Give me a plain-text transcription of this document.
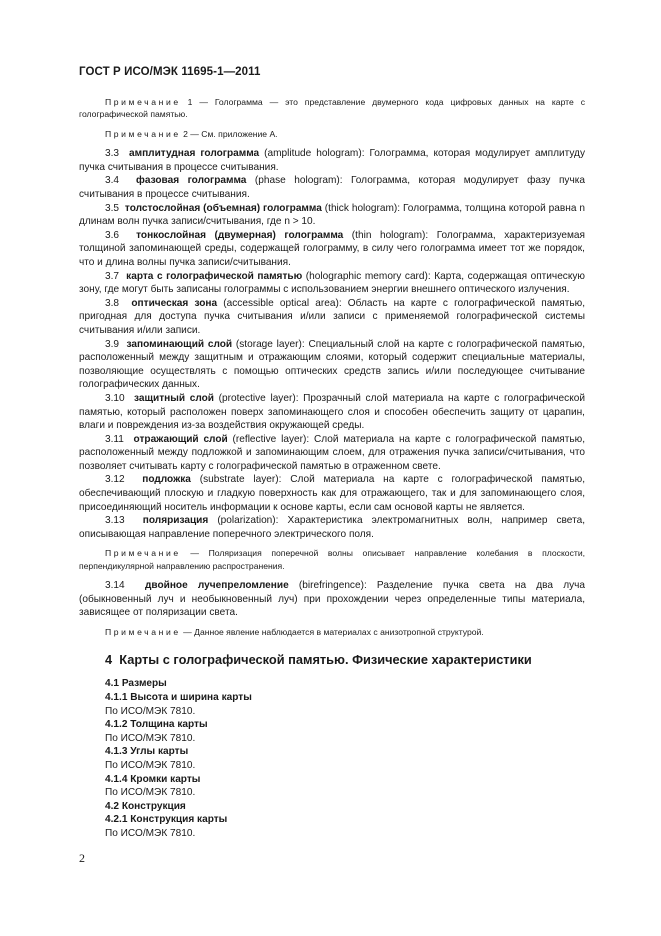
ГОСТ Р ИСО/МЭК 11695-1—2011

Примечание 1 — Голограмма — это представление двумерного кода цифровых данных на карте с голографической памятью.

Примечание 2 — См. приложение А.

3.3 амплитудная голограмма (amplitude hologram): Голограмма, которая модулирует амплитуду пучка считывания в процессе считывания.

3.4 фазовая голограмма (phase hologram): Голограмма, которая модулирует фазу пучка считывания в процессе считывания.

3.5 толстослойная (объемная) голограмма (thick hologram): Голограмма, толщина которой равна n длинам волн пучка записи/считывания, где n > 10.

3.6 тонкослойная (двумерная) голограмма (thin hologram): Голограмма, характеризуемая толщиной запоминающей среды, содержащей голограмму, в силу чего голограмма имеет тот же порядок, что и длина волны пучка записи/считывания.

3.7 карта с голографической памятью (holographic memory card): Карта, содержащая оптическую зону, где могут быть записаны голограммы с использованием энергии внешнего оптического излучения.

3.8 оптическая зона (accessible optical area): Область на карте с голографической памятью, пригодная для доступа пучка считывания и/или записи с применяемой голографической системы считывания и/или записи.

3.9 запоминающий слой (storage layer): Специальный слой на карте с голографической памятью, расположенный между защитным и отражающим слоями, который содержит специальные материалы, позволяющие осуществлять с помощью оптических средств запись и/или последующее считывание голографических данных.

3.10 защитный слой (protective layer): Прозрачный слой материала на карте с голографической памятью, который расположен поверх запоминающего слоя и способен обеспечить защиту от царапин, влаги и повреждения из-за воздействия окружающей среды.

3.11 отражающий слой (reflective layer): Слой материала на карте с голографической памятью, расположенный между подложкой и запоминающим слоем, для отражения пучка записи/считывания, что позволяет считывать карту с голографической памятью в отраженном свете.

3.12 подложка (substrate layer): Слой материала на карте с голографической памятью, обеспечивающий плоскую и гладкую поверхность как для отражающего, так и для запоминающего слоя, присоединяющий носитель информации к основе карты, если сам основой карты не является.

3.13 поляризация (polarization): Характеристика электромагнитных волн, например света, описывающая направление поперечного электрического поля.

Примечание — Поляризация поперечной волны описывает направление колебания в плоскости, перпендикулярной направлению распространения.

3.14 двойное лучепреломление (birefringence): Разделение пучка света на два луча (обыкновенный луч и необыкновенный луч) при прохождении через определенные типы материала, зависящее от поляризации света.

Примечание — Данное явление наблюдается в материалах с анизотропной структурой.

4 Карты с голографической памятью. Физические характеристики
4.1 Размеры
4.1.1 Высота и ширина карты
По ИСО/МЭК 7810.
4.1.2 Толщина карты
По ИСО/МЭК 7810.
4.1.3 Углы карты
По ИСО/МЭК 7810.
4.1.4 Кромки карты
По ИСО/МЭК 7810.
4.2 Конструкция
4.2.1 Конструкция карты
По ИСО/МЭК 7810.
2
